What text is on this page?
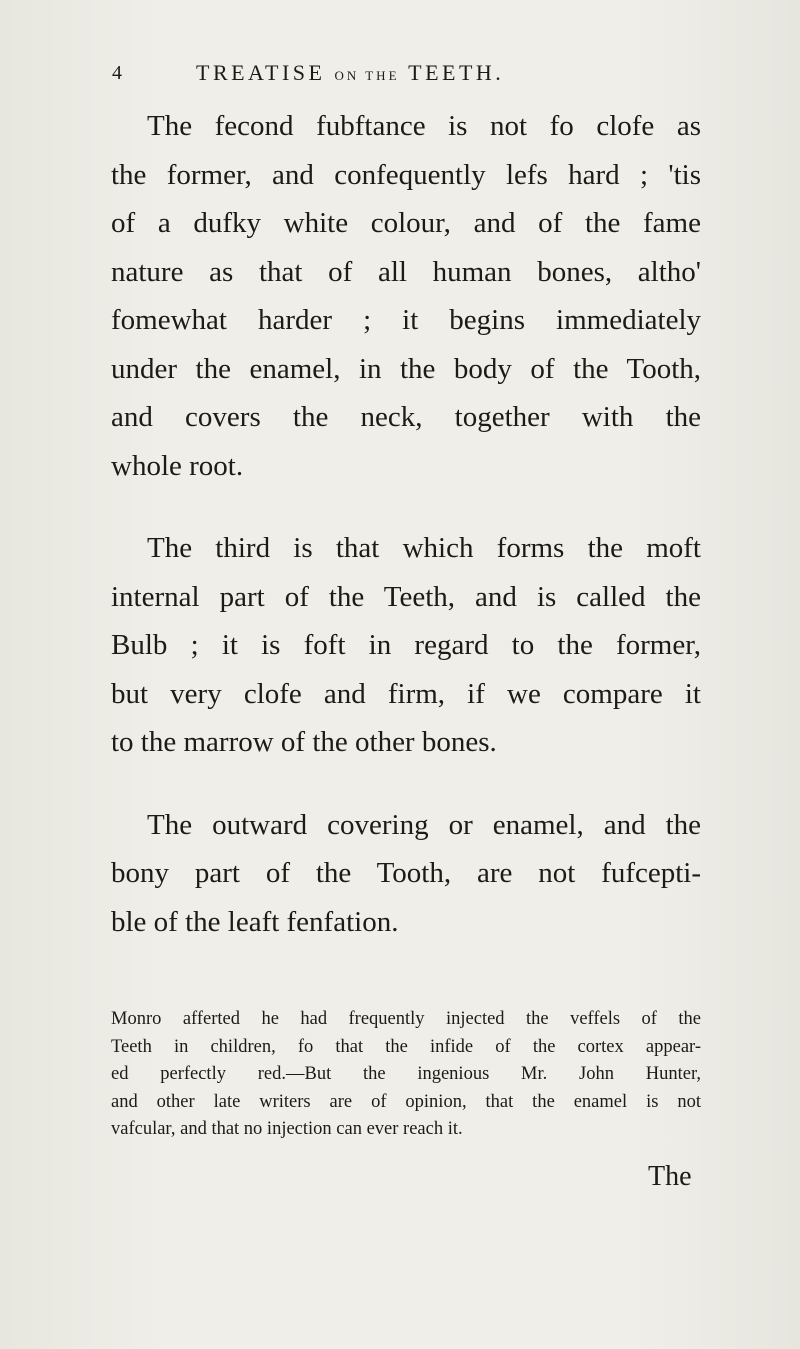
4	TREATISE ON THE TEETH.

The fecond fubftance is not fo clofe as
the former, and confequently lefs hard ; 'tis
of a dufky white colour, and of the fame
nature as that of all human bones, altho'
fomewhat harder ; it begins immediately
under the enamel, in the body of the Tooth,
and covers the neck, together with the
whole root.

The third is that which forms the moft
internal part of the Teeth, and is called the
Bulb ; it is foft in regard to the former,
but very clofe and firm, if we compare it
to the marrow of the other bones.

The outward covering or enamel, and the
bony part of the Tooth, are not fufcepti-
ble of the leaft fenfation.

Monro afferted he had frequently injected the veffels of the
Teeth in children, fo that the infide of the cortex appear-
ed perfectly red.—But the ingenious Mr. John Hunter,
and other late writers are of opinion, that the enamel is not
vafcular, and that no injection can ever reach it.
The
